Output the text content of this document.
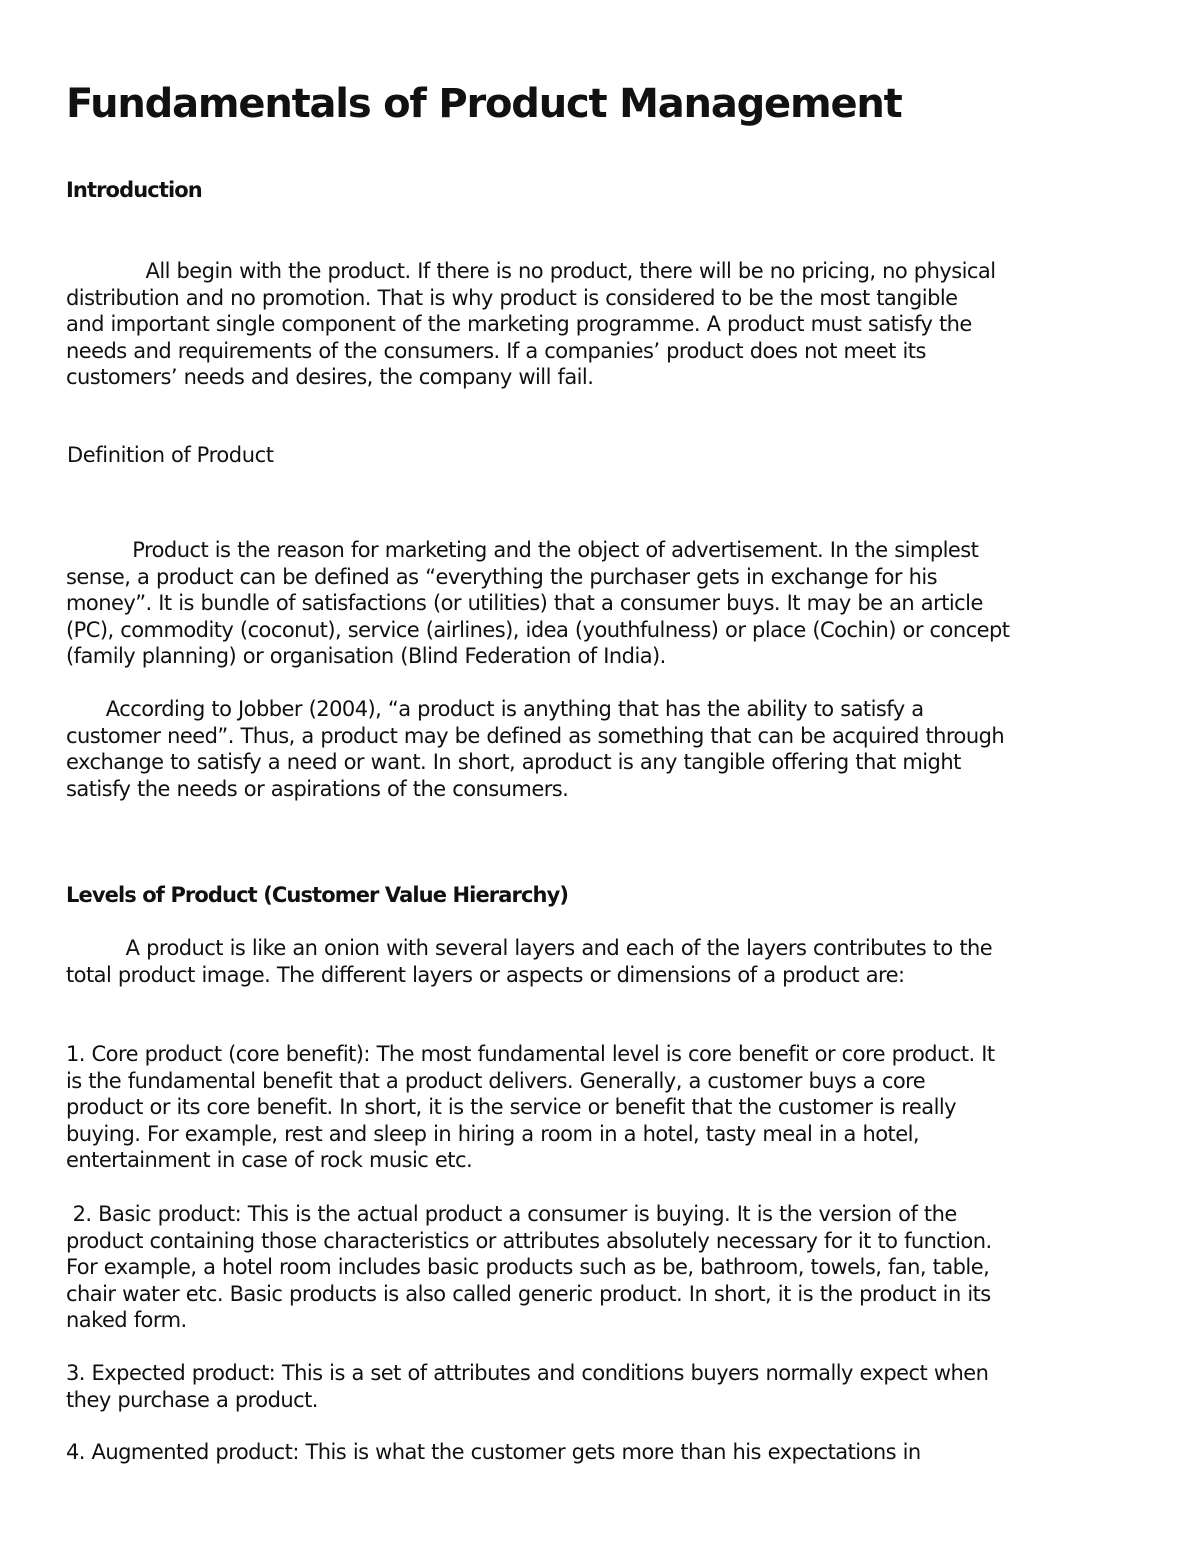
Fundamentals of Product Management
Introduction
All begin with the product. If there is no product, there will be no pricing, no physical
distribution and no promotion. That is why product is considered to be the most tangible
and important single component of the marketing programme. A product must satisfy the
needs and requirements of the consumers. If a companies’ product does not meet its
customers’ needs and desires, the company will fail.
Definition of Product
Product is the reason for marketing and the object of advertisement. In the simplest
sense, a product can be defined as “everything the purchaser gets in exchange for his
money”. It is bundle of satisfactions (or utilities) that a consumer buys. It may be an article
(PC), commodity (coconut), service (airlines), idea (youthfulness) or place (Cochin) or concept
(family planning) or organisation (Blind Federation of India).
According to Jobber (2004), “a product is anything that has the ability to satisfy a
customer need”. Thus, a product may be defined as something that can be acquired through
exchange to satisfy a need or want. In short, aproduct is any tangible offering that might
satisfy the needs or aspirations of the consumers.
Levels of Product (Customer Value Hierarchy)
A product is like an onion with several layers and each of the layers contributes to the
total product image. The different layers or aspects or dimensions of a product are:
1. Core product (core benefit): The most fundamental level is core benefit or core product. It
is the fundamental benefit that a product delivers. Generally, a customer buys a core
product or its core benefit. In short, it is the service or benefit that the customer is really
buying. For example, rest and sleep in hiring a room in a hotel, tasty meal in a hotel,
entertainment in case of rock music etc.
2. Basic product: This is the actual product a consumer is buying. It is the version of the
product containing those characteristics or attributes absolutely necessary for it to function.
For example, a hotel room includes basic products such as be, bathroom, towels, fan, table,
chair water etc. Basic products is also called generic product. In short, it is the product in its
naked form.
3. Expected product: This is a set of attributes and conditions buyers normally expect when
they purchase a product.
4. Augmented product: This is what the customer gets more than his expectations in
